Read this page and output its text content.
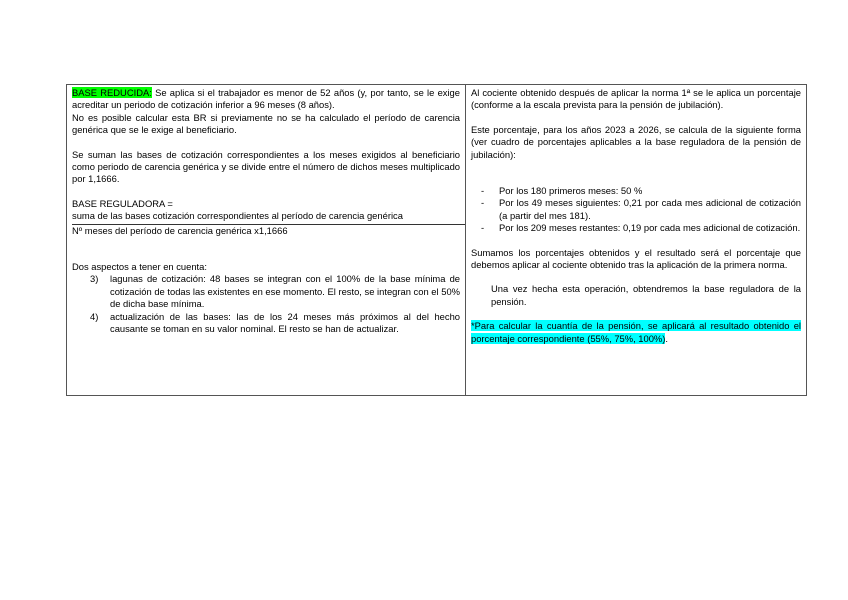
BASE REDUCIDA: Se aplica si el trabajador es menor de 52 años (y, por tanto, se le exige acreditar un periodo de cotización inferior a 96 meses (8 años).

No es posible calcular esta BR si previamente no se ha calculado el período de carencia genérica que se le exige al beneficiario.

Se suman las bases de cotización correspondientes a los meses exigidos al beneficiario como periodo de carencia genérica y se divide entre el número de dichos meses multiplicado por 1,1666.

BASE REGULADORA =

suma de las bases cotización correspondientes al período de carencia genérica

Nº meses del período de carencia genérica x1,1666

Dos aspectos a tener en cuenta:

3)	lagunas de cotización: 48 bases se integran con el 100% de la base mínima de cotización de todas las existentes en ese momento. El resto, se integran con el 50% de dicha base mínima.

4)	actualización de las bases: las de los 24 meses más próximos al del hecho causante se toman en su valor nominal. El resto se han de actualizar.

Al cociente obtenido después de aplicar la norma 1ª se le aplica un porcentaje (conforme a la escala prevista para la pensión de jubilación).

Este porcentaje, para los años 2023 a 2026, se calcula de la siguiente forma (ver cuadro de porcentajes aplicables a la base reguladora de la pensión de jubilación):

- Por los 180 primeros meses: 50 %
- Por los 49 meses siguientes: 0,21 por cada mes adicional de cotización (a partir del mes 181).
- Por los 209 meses restantes: 0,19 por cada mes adicional de cotización.

Sumamos los porcentajes obtenidos y el resultado será el porcentaje que debemos aplicar al cociente obtenido tras la aplicación de la primera norma.

Una vez hecha esta operación, obtendremos la base reguladora de la pensión.

*Para calcular la cuantía de la pensión, se aplicará al resultado obtenido el porcentaje correspondiente (55%, 75%, 100%).
